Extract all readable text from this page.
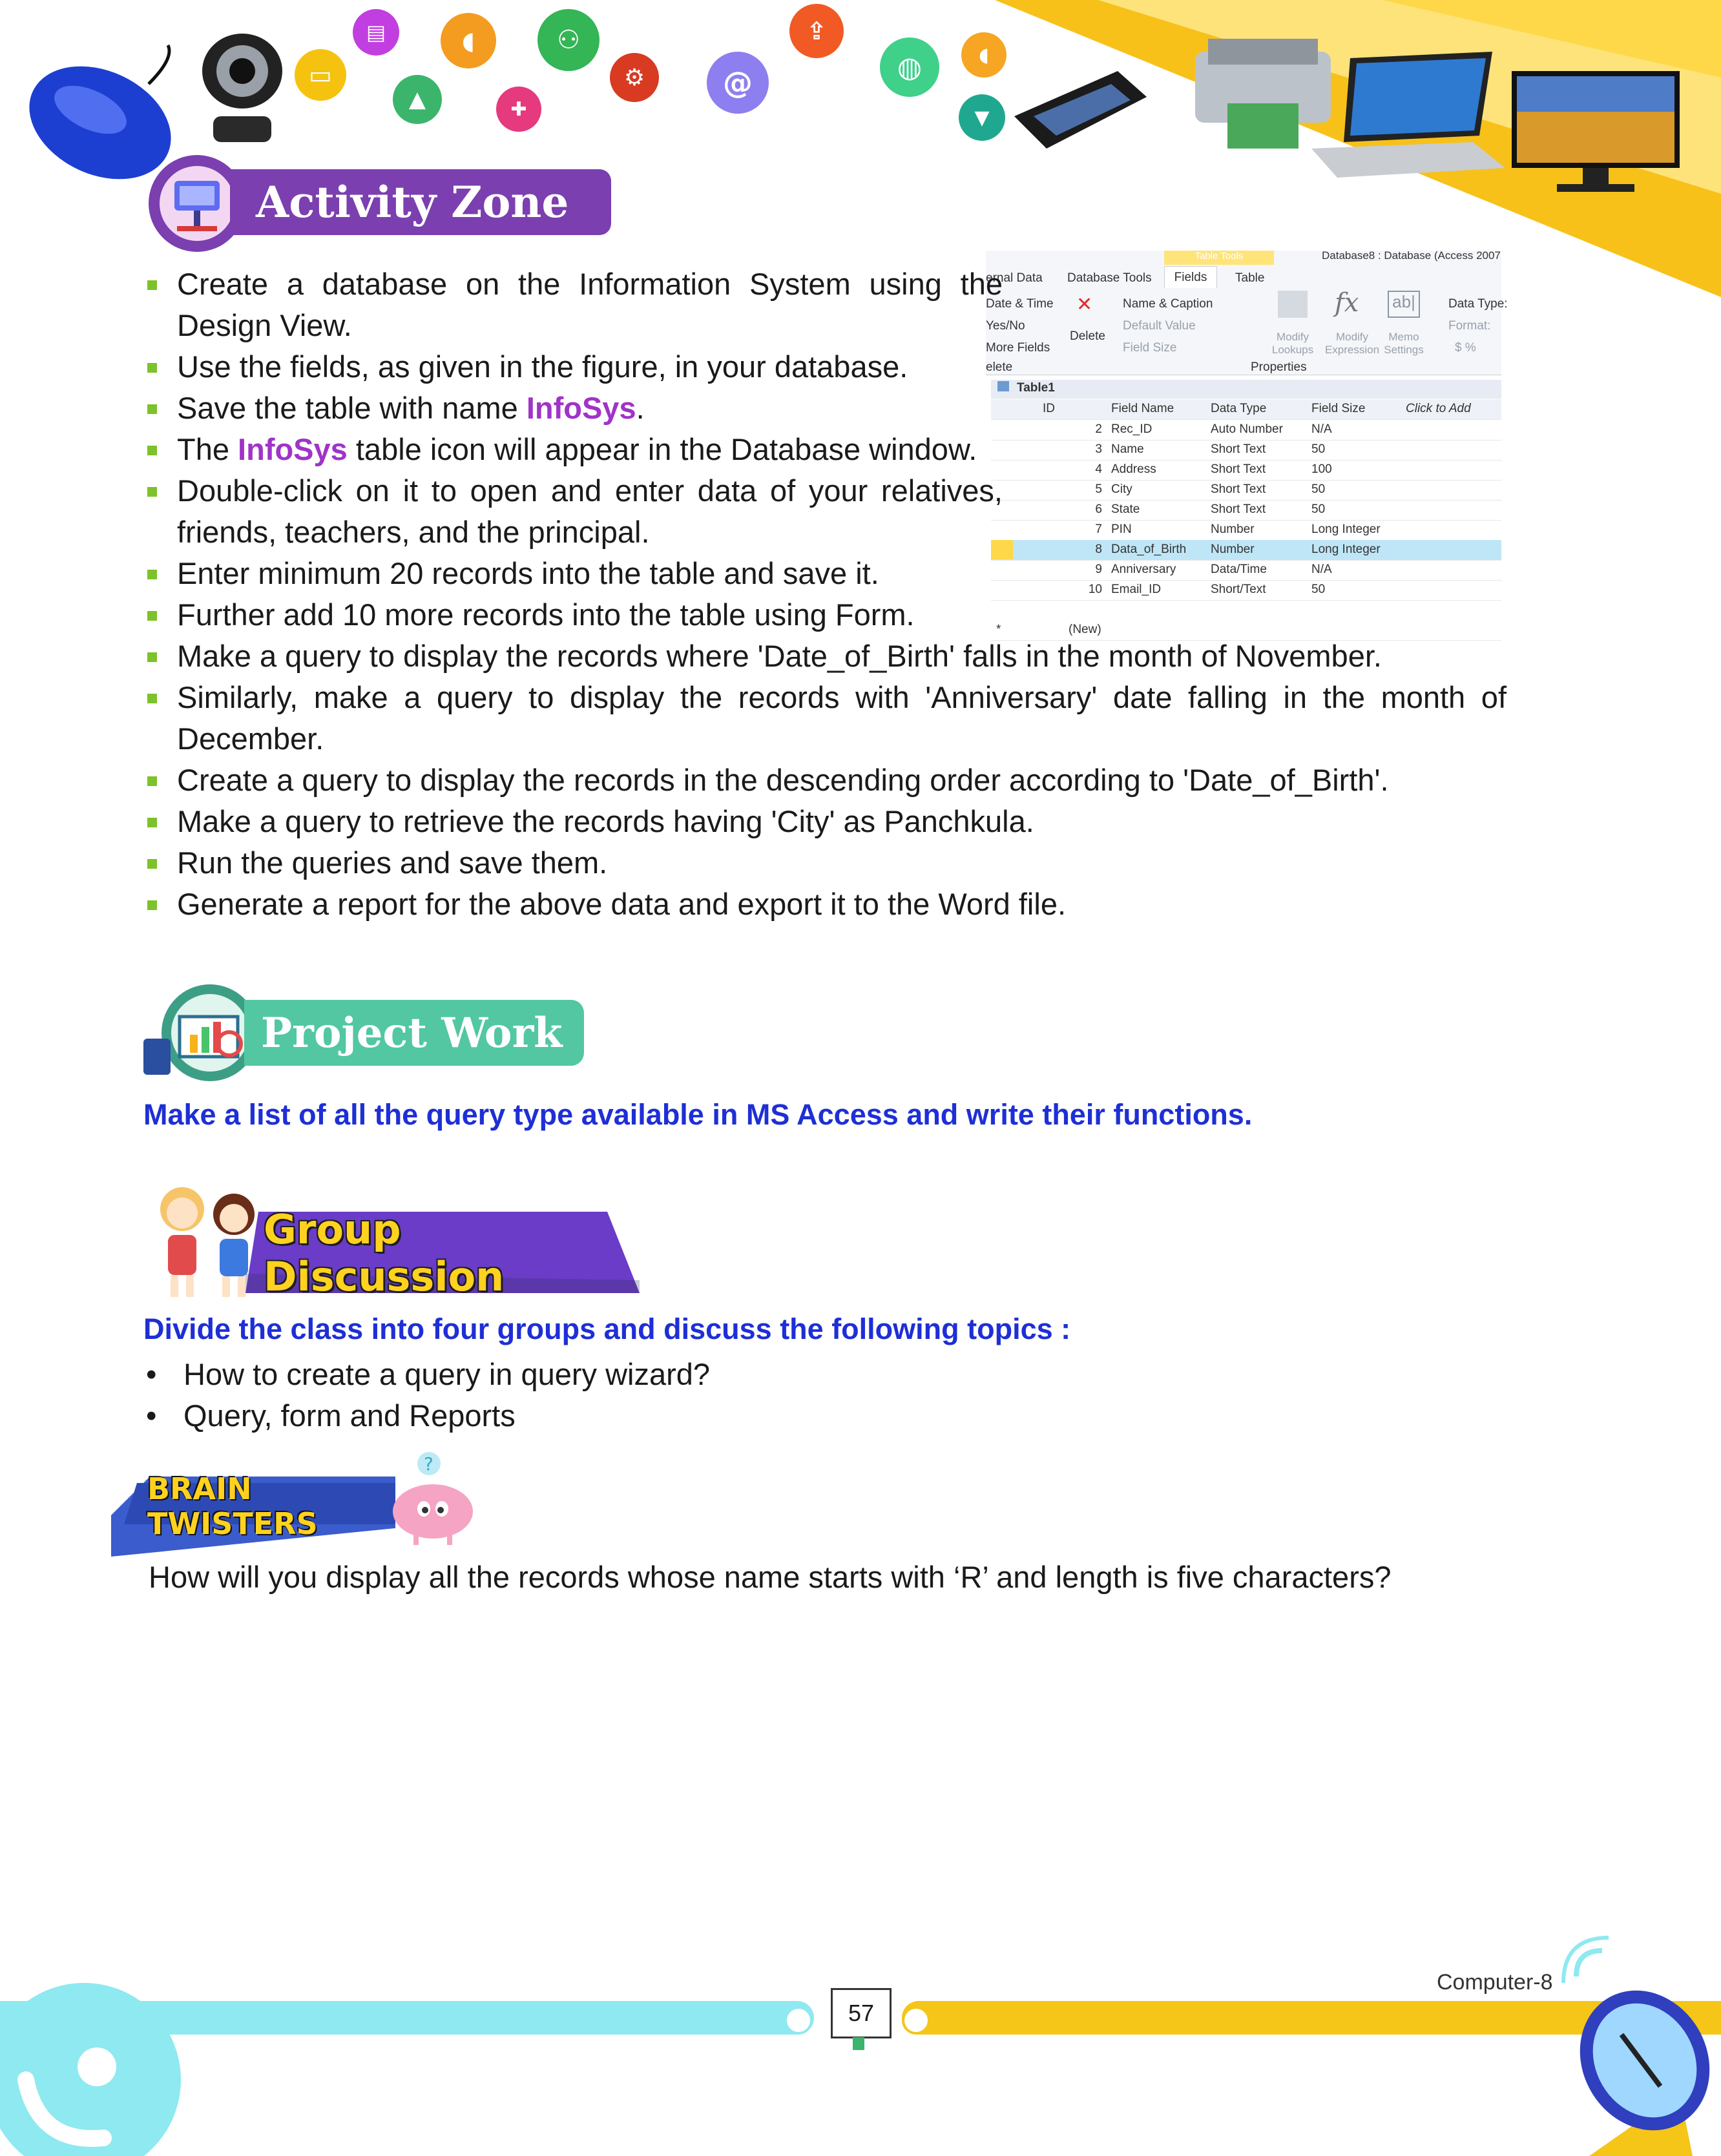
▭
▤
▲
◖
✚
⚇
⚙	@
⇪
◍	◖
▼
Activity Zone
Database8 : Database (Access 2007
Table Tools
ernal Data Database Tools	Fields	Table
Date & Time
Yes/No
More Fields
✕
Delete
elete
Name & Caption
Default Value
Field Size
fx ab|
Modify Lookups
Modify Expression
Memo Settings
Properties
Data Type:
Format:
$ %
Table1
ID	Field Name	Data Type	Field Size	Click to Add
2 Rec_ID	Auto Number	N/A
3 Name	Short Text	50
4 Address	Short Text	100
5 City	Short Text	50
6 State	Short Text	50
7 PIN	Number	Long Integer
8 Data_of_Birth	Number	Long Integer
9 Anniversary	Data/Time	N/A
10 Email_ID	Short/Text	50
*	(New)
Create a database on the Information System using the Design View.
Use the fields, as given in the figure, in your database.
Save the table with name InfoSys.
The InfoSys table icon will appear in the Database window.
Double-click on it to open and enter data of your relatives, friends, teachers, and the principal.
Enter minimum 20 records into the table and save it.
Further add 10 more records into the table using Form.
Make a query to display the records where 'Date_of_Birth' falls in the month of November.
Similarly, make a query to display the records with 'Anniversary' date falling in the month of December.
Create a query to display the records in the descending order according to 'Date_of_Birth'.
Make a query to retrieve the records having 'City' as Panchkula.
Run the queries and save them.
Generate a report for the above data and export it to the Word file.
Project Work
Make a list of all the query type available in MS Access and write their functions.
Group Discussion
Divide the class into four groups and discuss the following topics :
• How to create a query in query wizard?
• Query, form and Reports
BRAIN TWISTERS
?
How will you display all the records whose name starts with ‘R’ and length is five characters?
Computer-8
57
